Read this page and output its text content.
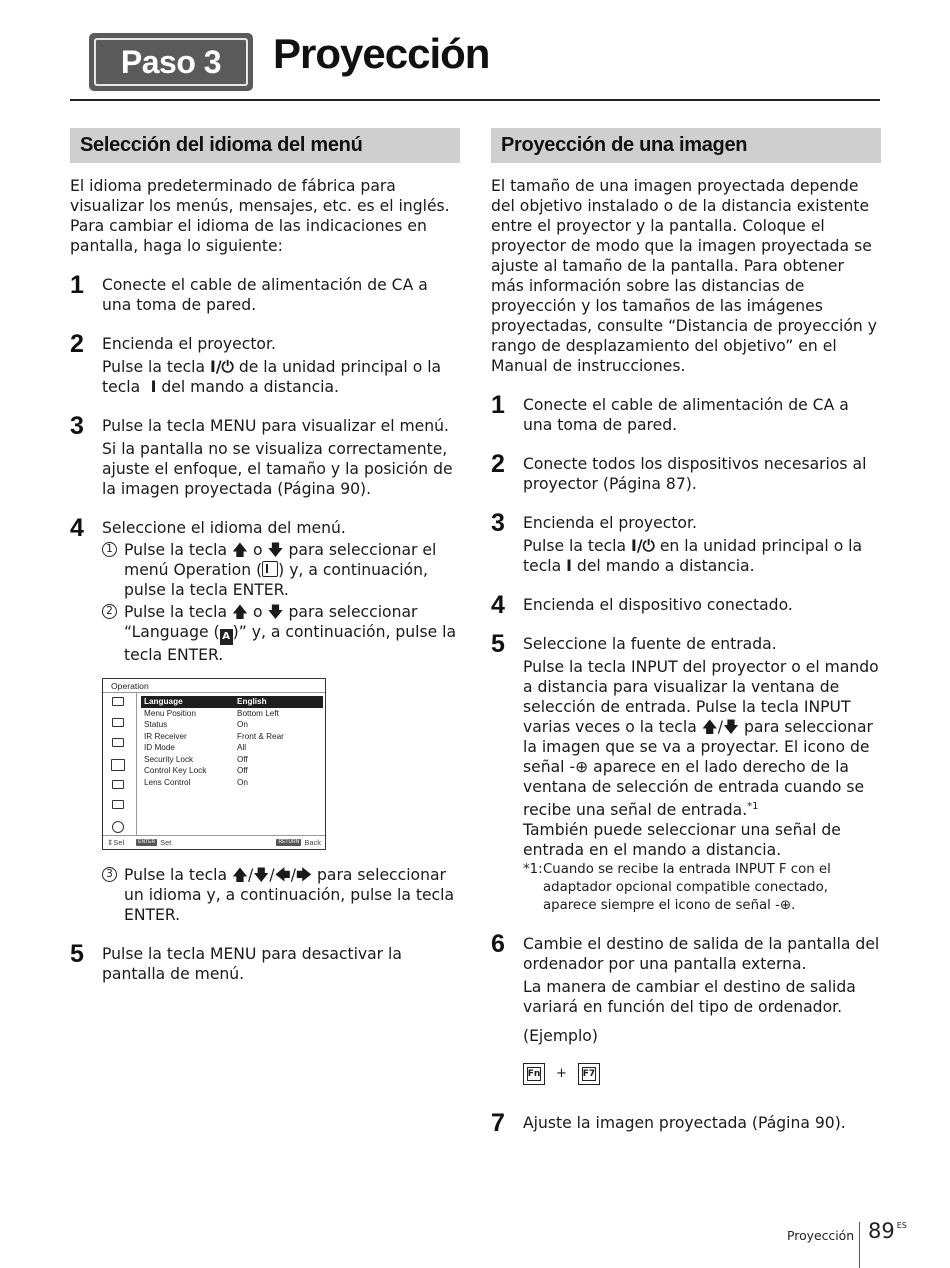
Paso 3	Proyección
Selección del idioma del menú

El idioma predeterminado de fábrica para visualizar los menús, mensajes, etc. es el inglés. Para cambiar el idioma de las indicaciones en pantalla, haga lo siguiente:

1 Conecte el cable de alimentación de CA a una toma de pared.

2 Encienda el proyector.

Pulse la tecla I/⏻ de la unidad principal o la tecla  I del mando a distancia.

3 Pulse la tecla MENU para visualizar el menú.

Si la pantalla no se visualiza correctamente, ajuste el enfoque, el tamaño y la posición de la imagen proyectada (Página 90).

4 Seleccione el idioma del menú.

1 Pulse la tecla 🡅 o 🡇 para seleccionar el menú Operation ( ) y, a continuación, pulse la tecla ENTER.
2 Pulse la tecla 🡅 o 🡇 para seleccionar “Language ( A )” y, a continuación, pulse la tecla ENTER.
3 Pulse la tecla 🡅/🡇/🡄/🡆 para seleccionar un idioma y, a continuación, pulse la tecla ENTER.
5 Pulse la tecla MENU para desactivar la pantalla de menú.

Operation
Language	English
Menu Position	Bottom Left
Status	On
IR Receiver	Front & Rear
ID Mode	All
Security Lock	Off
Control Key Lock	Off
Lens Control	On
⇕ Sel	ENTER Set	RETURN Back
Proyección de una imagen

El tamaño de una imagen proyectada depende del objetivo instalado o de la distancia existente entre el proyector y la pantalla. Coloque el proyector de modo que la imagen proyectada se ajuste al tamaño de la pantalla. Para obtener más información sobre las distancias de proyección y los tamaños de las imágenes proyectadas, consulte “Distancia de proyección y rango de desplazamiento del objetivo” en el Manual de instrucciones.

1 Conecte el cable de alimentación de CA a una toma de pared.

2 Conecte todos los dispositivos necesarios al proyector (Página 87).

3 Encienda el proyector.

Pulse la tecla I/⏻ en la unidad principal o la tecla I del mando a distancia.

4 Encienda el dispositivo conectado.

5 Seleccione la fuente de entrada.

Pulse la tecla INPUT del proyector o el mando a distancia para visualizar la ventana de selección de entrada. Pulse la tecla INPUT varias veces o la tecla 🡅/🡇 para seleccionar la imagen que se va a proyectar. El icono de señal -⊕ aparece en el lado derecho de la ventana de selección de entrada cuando se recibe una señal de entrada.$^{*1}$
También puede seleccionar una señal de entrada en el mando a distancia.

*1: Cuando se recibe la entrada INPUT F con el adaptador opcional compatible conectado, aparece siempre el icono de señal -⊕.
6 Cambie el destino de salida de la pantalla del ordenador por una pantalla externa.

La manera de cambiar el destino de salida variará en función del tipo de ordenador.

(Ejemplo)

Fn + F7
7 Ajuste la imagen proyectada (Página 90).

Proyección 89 $^{ES}$
